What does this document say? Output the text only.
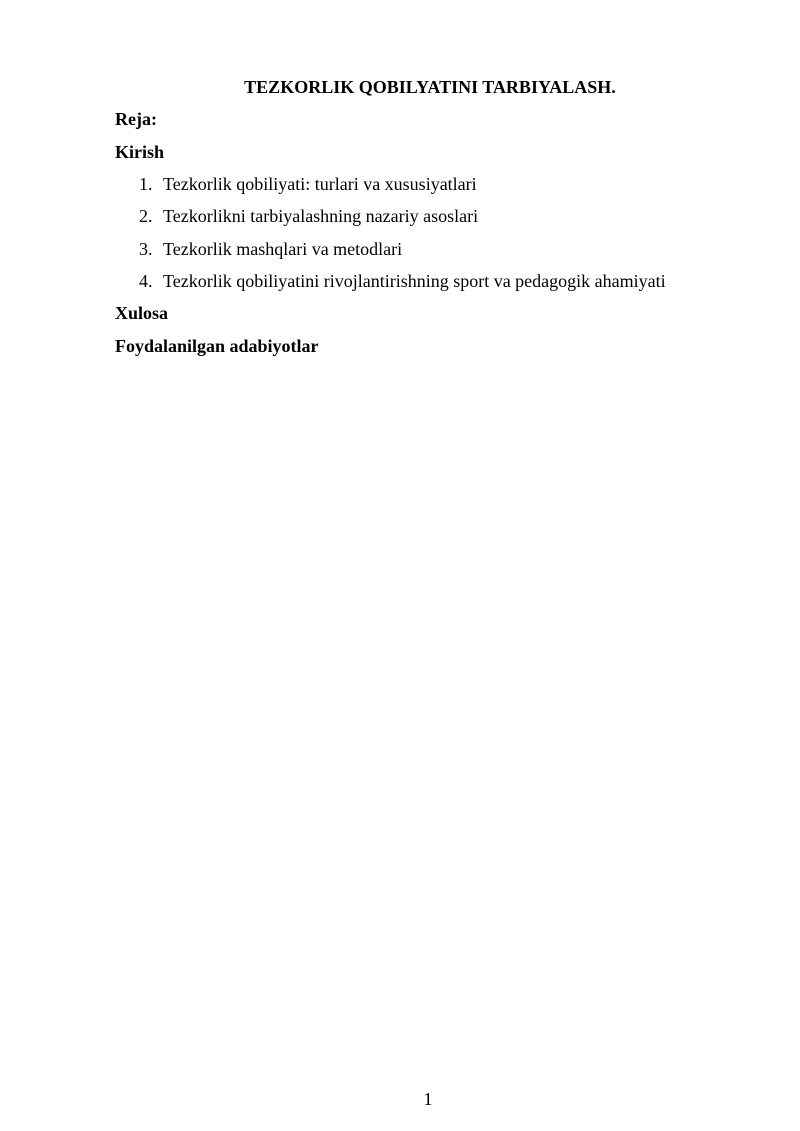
TEZKORLIK QOBILYATINI TARBIYALASH.
Reja:
Kirish
1. Tezkorlik qobiliyati: turlari va xususiyatlari
2. Tezkorlikni tarbiyalashning nazariy asoslari
3. Tezkorlik mashqlari va metodlari
4. Tezkorlik qobiliyatini rivojlantirishning sport va pedagogik ahamiyati
Xulosa
Foydalanilgan adabiyotlar
1
